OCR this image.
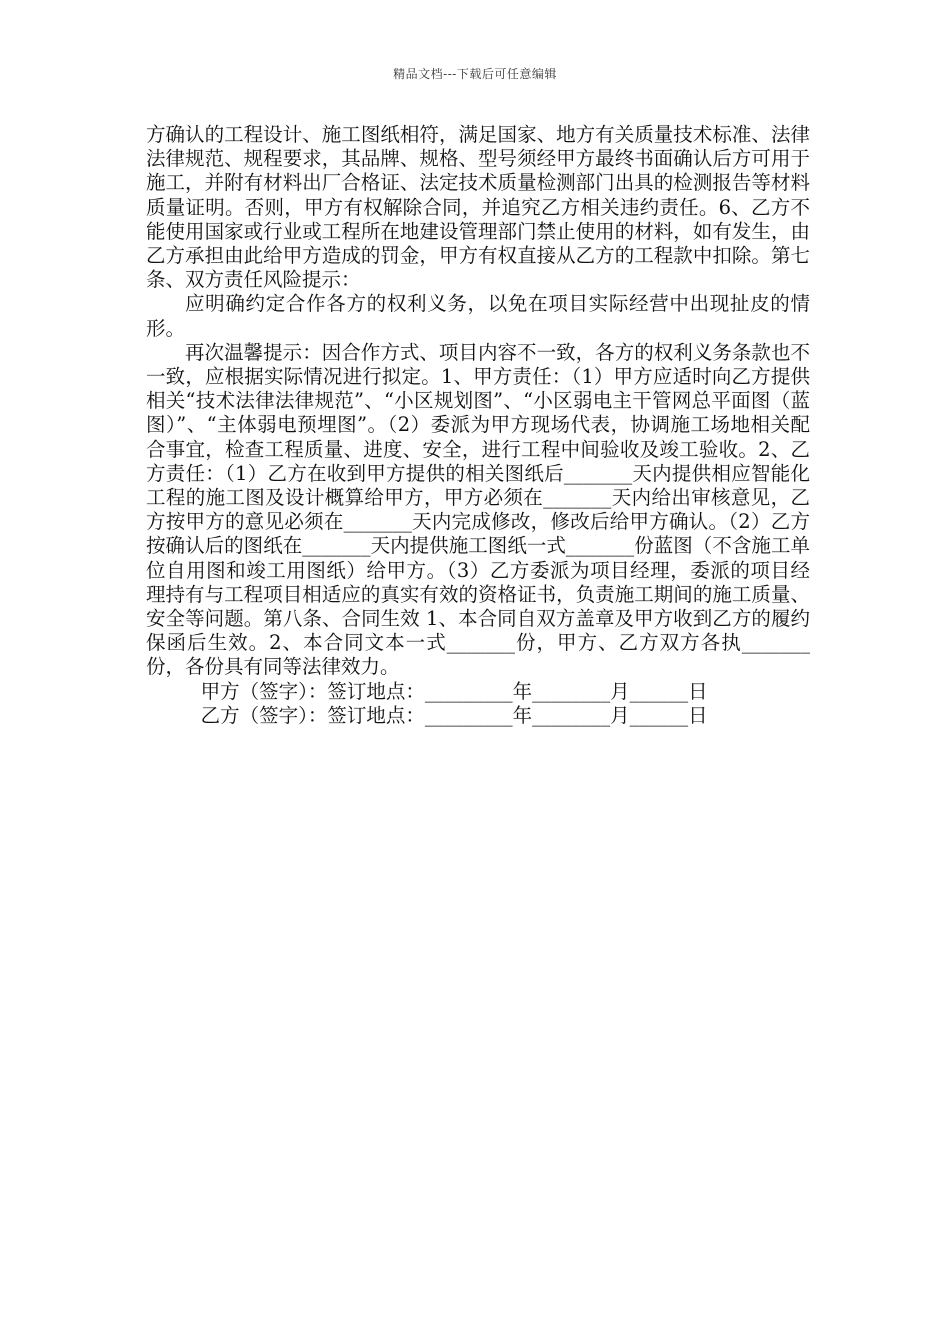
精品文档---下载后可任意编辑

方确认的工程设计、施工图纸相符，满足国家、地方有关质量技术标准、法律法律规范、规程要求，其品牌、规格、型号须经甲方最终书面确认后方可用于施工，并附有材料出厂合格证、法定技术质量检测部门出具的检测报告等材料质量证明。否则，甲方有权解除合同，并追究乙方相关违约责任。6、乙方不能使用国家或行业或工程所在地建设管理部门禁止使用的材料，如有发生，由乙方承担由此给甲方造成的罚金，甲方有权直接从乙方的工程款中扣除。第七条、双方责任风险提示：

应明确约定合作各方的权利义务，以免在项目实际经营中出现扯皮的情形。

再次温馨提示：因合作方式、项目内容不一致，各方的权利义务条款也不一致，应根据实际情况进行拟定。1、甲方责任：（1）甲方应适时向乙方提供相关“技术法律法律规范”、“小区规划图”、“小区弱电主干管网总平面图（蓝图）”、“主体弱电预埋图”。（2）委派为甲方现场代表，协调施工场地相关配合事宜，检查工程质量、进度、安全，进行工程中间验收及竣工验收。2、乙方责任：（1）乙方在收到甲方提供的相关图纸后_______天内提供相应智能化工程的施工图及设计概算给甲方，甲方必须在_______天内给出审核意见，乙方按甲方的意见必须在_______天内完成修改，修改后给甲方确认。（2）乙方按确认后的图纸在_______天内提供施工图纸一式_______份蓝图（不含施工单位自用图和竣工用图纸）给甲方。（3）乙方委派为项目经理，委派的项目经理持有与工程项目相适应的真实有效的资格证书，负责施工期间的施工质量、安全等问题。第八条、合同生效 1、本合同自双方盖章及甲方收到乙方的履约保函后生效。2、本合同文本一式_______份，甲方、乙方双方各执_______份，各份具有同等法律效力。

甲方（签字）：签订地点：_________年________月______日

乙方（签字）：签订地点：_________年________月______日
